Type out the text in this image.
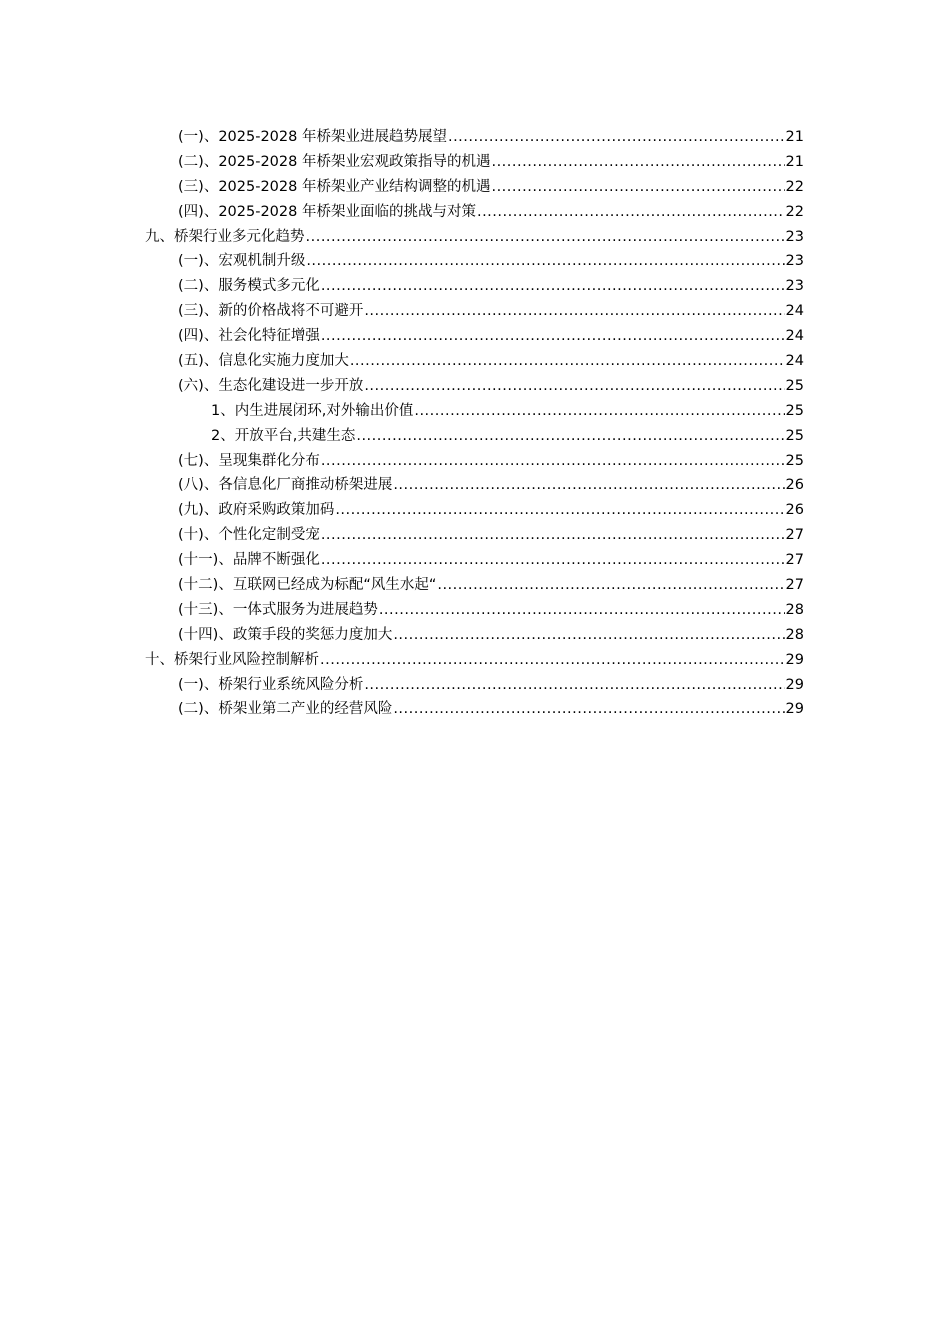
(一)、2025-2028 年桥架业进展趋势展望 .....	21
(二)、2025-2028 年桥架业宏观政策指导的机遇 .....	21
(三)、2025-2028 年桥架业产业结构调整的机遇 .....	22
(四)、2025-2028 年桥架业面临的挑战与对策 .....	22
九、桥架行业多元化趋势 .....	23
(一)、宏观机制升级 .....	23
(二)、服务模式多元化 .....	23
(三)、新的价格战将不可避开 .....	24
(四)、社会化特征增强 .....	24
(五)、信息化实施力度加大 .....	24
(六)、生态化建设进一步开放 .....	25
1、内生进展闭环,对外输出价值 .....	25
2、开放平台,共建生态 .....	25
(七)、呈现集群化分布 .....	25
(八)、各信息化厂商推动桥架进展 .....	26
(九)、政府采购政策加码 .....	26
(十)、个性化定制受宠 .....	27
(十一)、品牌不断强化 .....	27
(十二)、互联网已经成为标配“风生水起“ .....	27
(十三)、一体式服务为进展趋势 .....	28
(十四)、政策手段的奖惩力度加大 .....	28
十、桥架行业风险控制解析 .....	29
(一)、桥架行业系统风险分析 .....	29
(二)、桥架业第二产业的经营风险 .....	29
